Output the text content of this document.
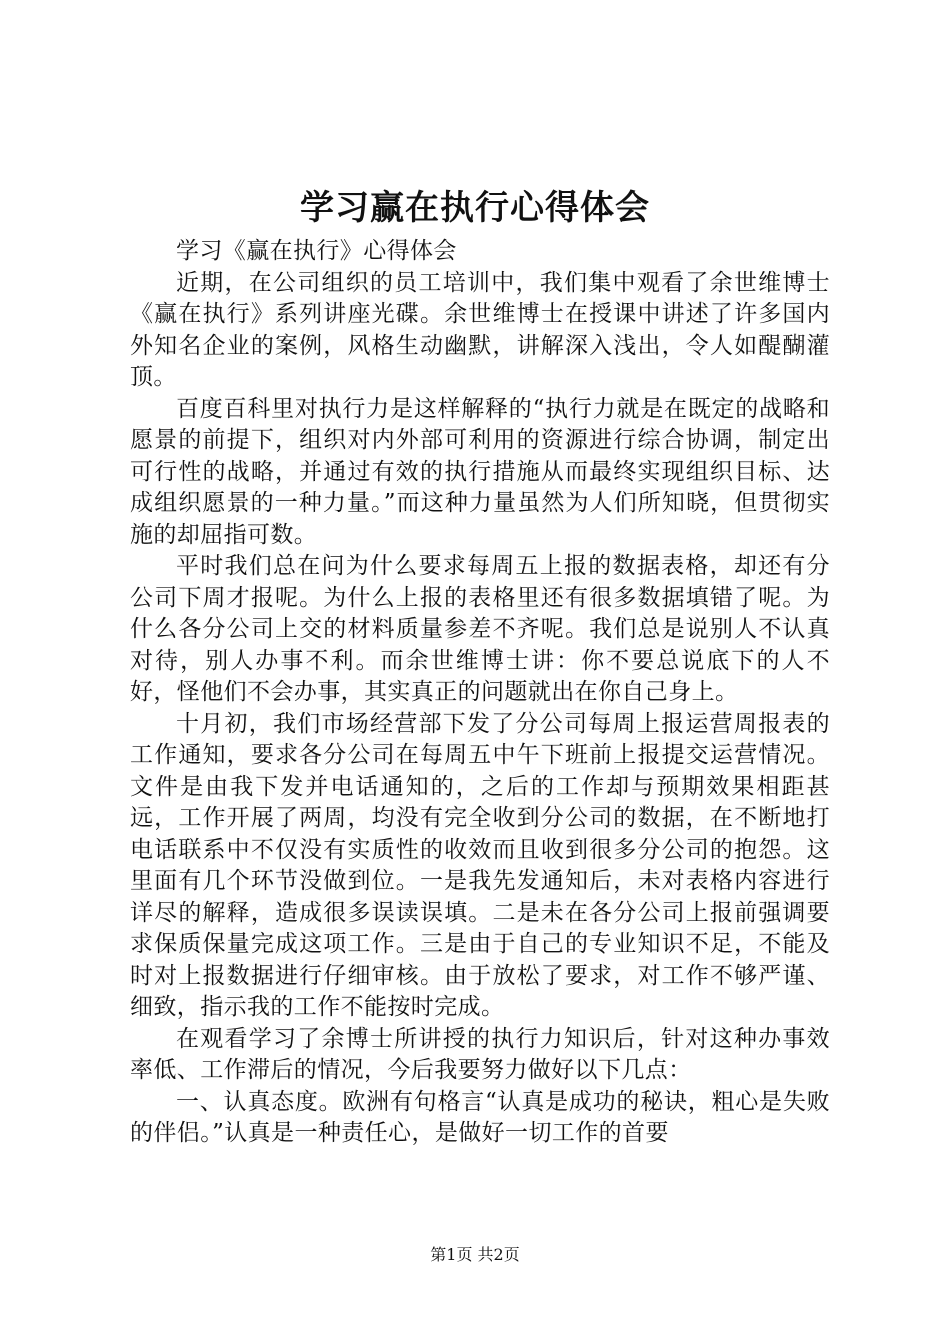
学习赢在执行心得体会

学习《赢在执行》心得体会

近期，在公司组织的员工培训中，我们集中观看了余世维博士《赢在执行》系列讲座光碟。余世维博士在授课中讲述了许多国内外知名企业的案例，风格生动幽默，讲解深入浅出，令人如醍醐灌顶。

百度百科里对执行力是这样解释的“执行力就是在既定的战略和愿景的前提下，组织对内外部可利用的资源进行综合协调，制定出可行性的战略，并通过有效的执行措施从而最终实现组织目标、达成组织愿景的一种力量。”而这种力量虽然为人们所知晓，但贯彻实施的却屈指可数。

平时我们总在问为什么要求每周五上报的数据表格，却还有分公司下周才报呢。为什么上报的表格里还有很多数据填错了呢。为什么各分公司上交的材料质量参差不齐呢。我们总是说别人不认真对待，别人办事不利。而余世维博士讲：你不要总说底下的人不好，怪他们不会办事，其实真正的问题就出在你自己身上。

十月初，我们市场经营部下发了分公司每周上报运营周报表的工作通知，要求各分公司在每周五中午下班前上报提交运营情况。文件是由我下发并电话通知的，之后的工作却与预期效果相距甚远，工作开展了两周，均没有完全收到分公司的数据，在不断地打电话联系中不仅没有实质性的收效而且收到很多分公司的抱怨。这里面有几个环节没做到位。一是我先发通知后，未对表格内容进行详尽的解释，造成很多误读误填。二是未在各分公司上报前强调要求保质保量完成这项工作。三是由于自己的专业知识不足，不能及时对上报数据进行仔细审核。由于放松了要求，对工作不够严谨、细致，指示我的工作不能按时完成。

在观看学习了余博士所讲授的执行力知识后，针对这种办事效率低、工作滞后的情况，今后我要努力做好以下几点：

一、认真态度。欧洲有句格言“认真是成功的秘诀，粗心是失败的伴侣。”认真是一种责任心，是做好一切工作的首要

第1页 共2页
